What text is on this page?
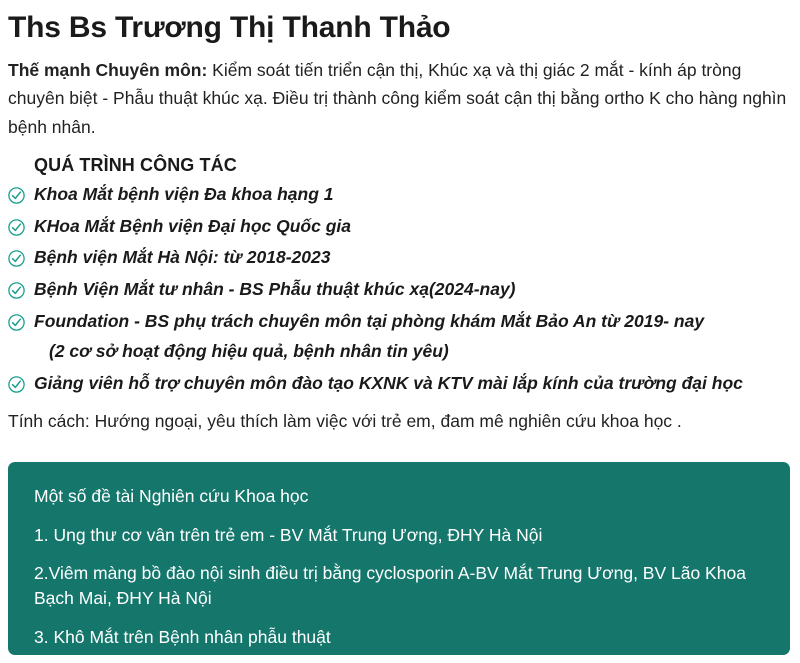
Ths Bs Trương Thị Thanh Thảo

Thế mạnh Chuyên môn: Kiểm soát tiến triển cận thị, Khúc xạ và thị giác 2 mắt - kính áp tròng chuyên biệt - Phẫu thuật khúc xạ. Điều trị thành công kiểm soát cận thị bằng ortho K cho hàng nghìn bệnh nhân.

QUÁ TRÌNH CÔNG TÁC
Khoa Mắt bệnh viện Đa khoa hạng 1
KHoa Mắt Bệnh viện Đại học Quốc gia
Bệnh viện Mắt Hà Nội: từ 2018-2023
Bệnh Viện Mắt tư nhân - BS Phẫu thuật khúc xạ(2024-nay)
Foundation - BS phụ trách chuyên môn tại phòng khám Mắt Bảo An từ 2019- nay
(2 cơ sở hoạt động hiệu quả, bệnh nhân tin yêu)
Giảng viên hỗ trợ chuyên môn đào tạo KXNK và KTV mài lắp kính của trường đại học

Tính cách: Hướng ngoại, yêu thích làm việc với trẻ em, đam mê nghiên cứu khoa học .

Một số đề tài Nghiên cứu Khoa học
1. Ung thư cơ vân trên trẻ em - BV Mắt Trung Ương, ĐHY Hà Nội
2.Viêm màng bồ đào nội sinh điều trị bằng cyclosporin A-BV Mắt Trung Ương, BV Lão Khoa Bạch Mai, ĐHY Hà Nội
3. Khô Mắt trên Bệnh nhân phẫu thuật
